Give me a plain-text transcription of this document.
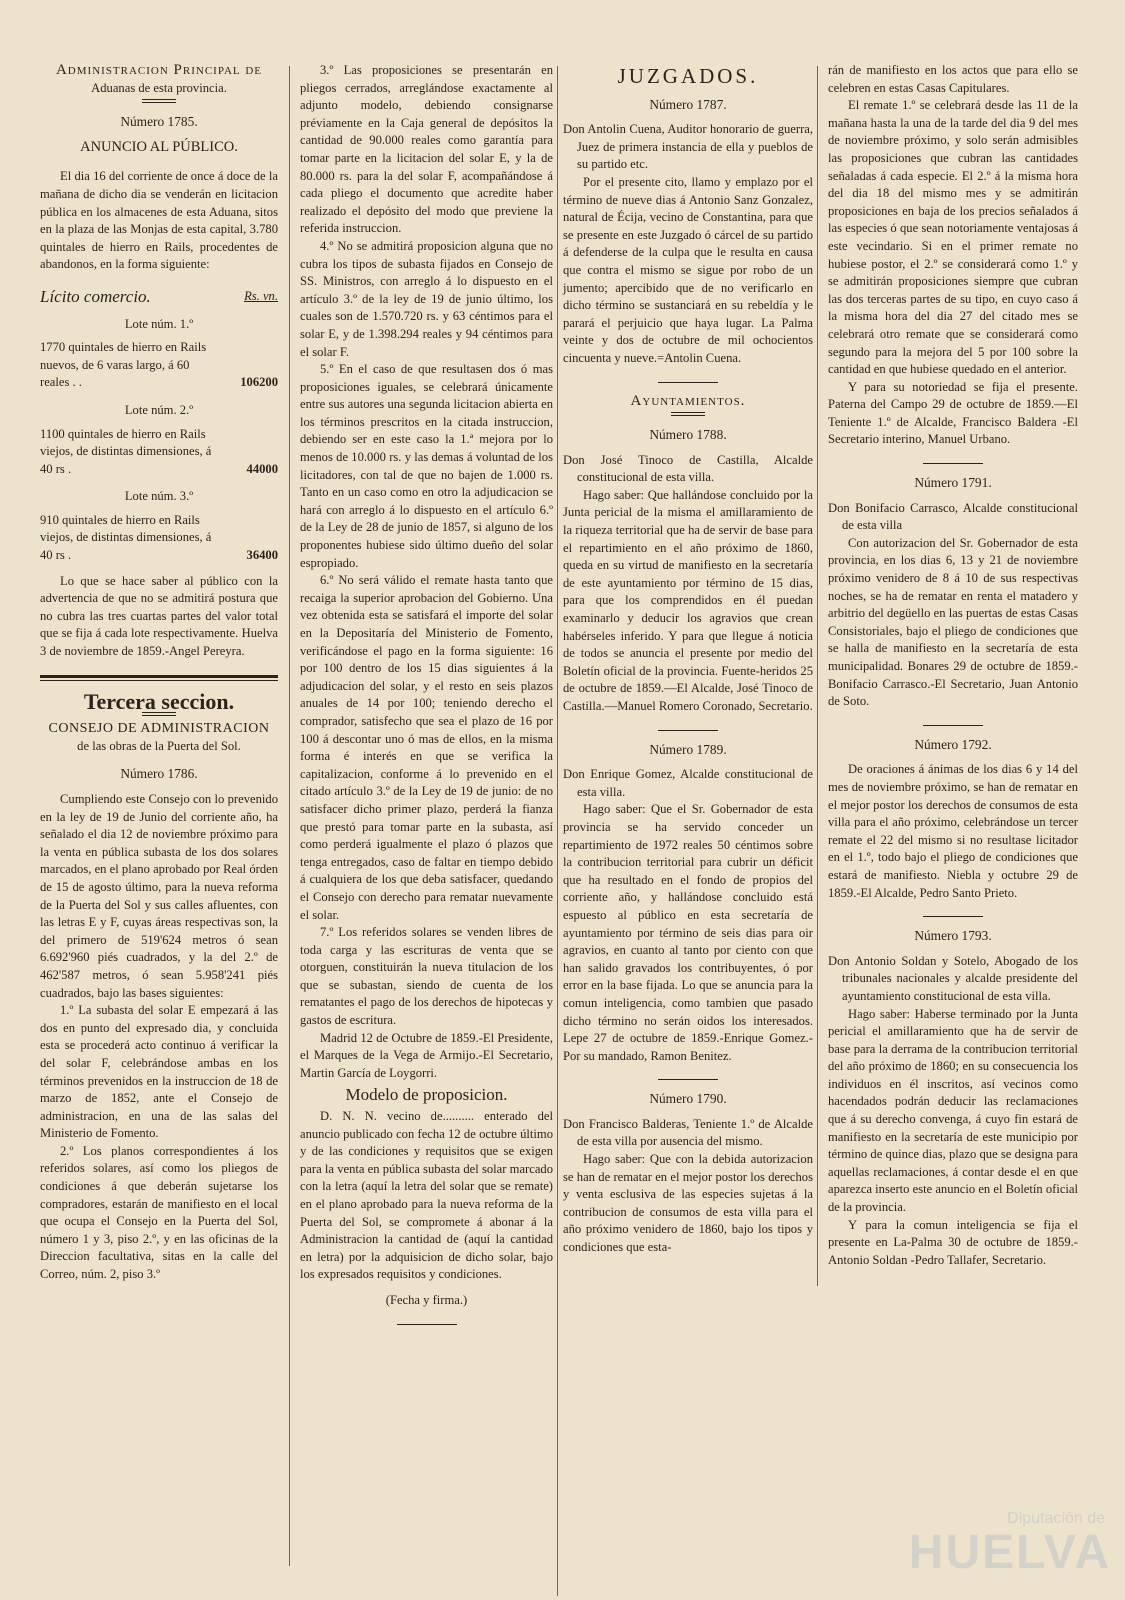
Administracion Principal de
Aduanas de esta provincia.
Número 1785.
ANUNCIO AL PÚBLICO.

El dia 16 del corriente de once á doce de la mañana de dicho dia se venderán en licitacion pública en los almacenes de esta Aduana, sitos en la plaza de las Monjas de esta capital, 3.780 quintales de hierro en Rails, procedentes de abandonos, en la forma siguiente:

Lícito comercio.	Rs. vn.
Lote núm. 1.º

1770 quintales de hierro en Rails nuevos, de 6 varas largo, á 60 reales . .	106200
Lote núm. 2.º

1100 quintales de hierro en Rails viejos, de distintas dimensiones, á 40 rs .	44000
Lote núm. 3.º

910 quintales de hierro en Rails viejos, de distintas dimensiones, á 40 rs .	36400

Lo que se hace saber al público con la advertencia de que no se admitirá postura que no cubra las tres cuartas partes del valor total que se fija á cada lote respectivamente. Huelva 3 de noviembre de 1859.-Angel Pereyra.

Tercera seccion.
CONSEJO DE ADMINISTRACION
de las obras de la Puerta del Sol.
Número 1786.

Cumpliendo este Consejo con lo prevenido en la ley de 19 de Junio del corriente año, ha señalado el dia 12 de noviembre próximo para la venta en pública subasta de los dos solares marcados, en el plano aprobado por Real órden de 15 de agosto último, para la nueva reforma de la Puerta del Sol y sus calles afluentes, con las letras E y F, cuyas áreas respectivas son, la del primero de 519'624 metros ó sean 6.692'960 piés cuadrados, y la del 2.º de 462'587 metros, ó sean 5.958'241 piés cuadrados, bajo las bases siguientes:

1.º La subasta del solar E empezará á las dos en punto del expresado dia, y concluida esta se procederá acto continuo á verificar la del solar F, celebrándose ambas en los términos prevenidos en la instruccion de 18 de marzo de 1852, ante el Consejo de administracion, en una de las salas del Ministerio de Fomento.

2.º Los planos correspondientes á los referidos solares, así como los pliegos de condiciones á que deberán sujetarse los compradores, estarán de manifiesto en el local que ocupa el Consejo en la Puerta del Sol, número 1 y 3, piso 2.º, y en las oficinas de la Direccion facultativa, sitas en la calle del Correo, núm. 2, piso 3.º

3.º Las proposiciones se presentarán en pliegos cerrados, arreglándose exactamente al adjunto modelo, debiendo consignarse préviamente en la Caja general de depósitos la cantidad de 90.000 reales como garantía para tomar parte en la licitacion del solar E, y la de 80.000 rs. para la del solar F, acompañándose á cada pliego el documento que acredite haber realizado el depósito del modo que previene la referida instruccion.

4.º No se admitirá proposicion alguna que no cubra los tipos de subasta fijados en Consejo de SS. Ministros, con arreglo á lo dispuesto en el artículo 3.º de la ley de 19 de junio último, los cuales son de 1.570.720 rs. y 63 céntimos para el solar E, y de 1.398.294 reales y 94 céntimos para el solar F.

5.º En el caso de que resultasen dos ó mas proposiciones iguales, se celebrará únicamente entre sus autores una segunda licitacion abierta en los términos prescritos en la citada instruccion, debiendo ser en este caso la 1.ª mejora por lo menos de 10.000 rs. y las demas á voluntad de los licitadores, con tal de que no bajen de 1.000 rs. Tanto en un caso como en otro la adjudicacion se hará con arreglo á lo dispuesto en el artículo 6.º de la Ley de 28 de junio de 1857, si alguno de los proponentes hubiese sido último dueño del solar espropiado.

6.º No será válido el remate hasta tanto que recaiga la superior aprobacion del Gobierno. Una vez obtenida esta se satisfará el importe del solar en la Depositaría del Ministerio de Fomento, verificándose el pago en la forma siguiente: 16 por 100 dentro de los 15 dias siguientes á la adjudicacion del solar, y el resto en seis plazos anuales de 14 por 100; teniendo derecho el comprador, satisfecho que sea el plazo de 16 por 100 á descontar uno ó mas de ellos, en la misma forma é interés en que se verifica la capitalizacion, conforme á lo prevenido en el citado artículo 3.º de la Ley de 19 de junio: de no satisfacer dicho primer plazo, perderá la fianza que prestó para tomar parte en la subasta, así como perderá igualmente el plazo ó plazos que tenga entregados, caso de faltar en tiempo debido á cualquiera de los que deba satisfacer, quedando el Consejo con derecho para rematar nuevamente el solar.

7.º Los referidos solares se venden libres de toda carga y las escrituras de venta que se otorguen, constituirán la nueva titulacion de los que se subastan, siendo de cuenta de los rematantes el pago de los derechos de hipotecas y gastos de escritura.

Madrid 12 de Octubre de 1859.-El Presidente, el Marques de la Vega de Armijo.-El Secretario, Martin García de Loygorri.

Modelo de proposicion.

D. N. N. vecino de.......... enterado del anuncio publicado con fecha 12 de octubre último y de las condiciones y requisitos que se exigen para la venta en pública subasta del solar marcado con la letra (aquí la letra del solar que se remate) en el plano aprobado para la nueva reforma de la Puerta del Sol, se compromete á abonar á la Administracion la cantidad de (aquí la cantidad en letra) por la adquisicion de dicho solar, bajo los expresados requisitos y condiciones.

(Fecha y firma.)
JUZGADOS.
Número 1787.

Don Antolin Cuena, Auditor honorario de guerra, Juez de primera instancia de ella y pueblos de su partido etc.

Por el presente cito, llamo y emplazo por el término de nueve dias á Antonio Sanz Gonzalez, natural de Écija, vecino de Constantina, para que se presente en este Juzgado ó cárcel de su partido á defenderse de la culpa que le resulta en causa que contra el mismo se sigue por robo de un jumento; apercibido que de no verificarlo en dicho término se sustanciará en su rebeldía y le parará el perjuicio que haya lugar. La Palma veinte y dos de octubre de mil ochocientos cincuenta y nueve.=Antolin Cuena.

Ayuntamientos.
Número 1788.

Don José Tinoco de Castilla, Alcalde constitucional de esta villa.

Hago saber: Que hallándose concluido por la Junta pericial de la misma el amillaramiento de la riqueza territorial que ha de servir de base para el repartimiento en el año próximo de 1860, queda en su virtud de manifiesto en la secretaría de este ayuntamiento por término de 15 dias, para que los comprendidos en él puedan examinarlo y deducir los agravios que crean habérseles inferido. Y para que llegue á noticia de todos se anuncia el presente por medio del Boletín oficial de la provincia. Fuente-heridos 25 de octubre de 1859.—El Alcalde, José Tinoco de Castilla.—Manuel Romero Coronado, Secretario.

Número 1789.

Don Enrique Gomez, Alcalde constitucional de esta villa.

Hago saber: Que el Sr. Gobernador de esta provincia se ha servido conceder un repartimiento de 1972 reales 50 céntimos sobre la contribucion territorial para cubrir un déficit que ha resultado en el fondo de propios del corriente año, y hallándose concluido está espuesto al público en esta secretaría de ayuntamiento por término de seis dias para oir agravios, en cuanto al tanto por ciento con que han salido gravados los contribuyentes, ó por error en la base fijada. Lo que se anuncia para la comun inteligencia, como tambien que pasado dicho término no serán oidos los interesados. Lepe 27 de octubre de 1859.-Enrique Gomez.-Por su mandado, Ramon Benitez.

Número 1790.

Don Francisco Balderas, Teniente 1.º de Alcalde de esta villa por ausencia del mismo.

Hago saber: Que con la debida autorizacion se han de rematar en el mejor postor los derechos y venta esclusiva de las especies sujetas á la contribucion de consumos de esta villa para el año próximo venidero de 1860, bajo los tipos y condiciones que esta-

rán de manifiesto en los actos que para ello se celebren en estas Casas Capitulares.

El remate 1.º se celebrará desde las 11 de la mañana hasta la una de la tarde del dia 9 del mes de noviembre próximo, y solo serán admisibles las proposiciones que cubran las cantidades señaladas á cada especie. El 2.º á la misma hora del dia 18 del mismo mes y se admitirán proposiciones en baja de los precios señalados á las especies ó que sean notoriamente ventajosas á este vecindario. Si en el primer remate no hubiese postor, el 2.º se considerará como 1.º y se admitirán proposiciones siempre que cubran las dos terceras partes de su tipo, en cuyo caso á la misma hora del dia 27 del citado mes se celebrará otro remate que se considerará como segundo para la mejora del 5 por 100 sobre la cantidad en que hubiese quedado en el anterior.

Y para su notoriedad se fija el presente. Paterna del Campo 29 de octubre de 1859.—El Teniente 1.º de Alcalde, Francisco Baldera -El Secretario interino, Manuel Urbano.

Número 1791.

Don Bonifacio Carrasco, Alcalde constitucional de esta villa

Con autorizacion del Sr. Gobernador de esta provincia, en los dias 6, 13 y 21 de noviembre próximo venidero de 8 á 10 de sus respectivas noches, se ha de rematar en renta el matadero y arbitrio del degüello en las puertas de estas Casas Consistoriales, bajo el pliego de condiciones que se halla de manifiesto en la secretaría de esta municipalidad. Bonares 29 de octubre de 1859.-Bonifacio Carrasco.-El Secretario, Juan Antonio de Soto.

Número 1792.

De oraciones á ánimas de los dias 6 y 14 del mes de noviembre próximo, se han de rematar en el mejor postor los derechos de consumos de esta villa para el año próximo, celebrándose un tercer remate el 22 del mismo si no resultase licitador en el 1.º, todo bajo el pliego de condiciones que estará de manifiesto. Niebla y octubre 29 de 1859.-El Alcalde, Pedro Santo Prieto.

Número 1793.

Don Antonio Soldan y Sotelo, Abogado de los tribunales nacionales y alcalde presidente del ayuntamiento constitucional de esta villa.

Hago saber: Haberse terminado por la Junta pericial el amillaramiento que ha de servir de base para la derrama de la contribucion territorial del año próximo de 1860; en su consecuencia los individuos en él inscritos, así vecinos como hacendados podrán deducir las reclamaciones que á su derecho convenga, á cuyo fin estará de manifiesto en la secretaría de este municipio por término de quince dias, plazo que se designa para aquellas reclamaciones, á contar desde el en que aparezca inserto este anuncio en el Boletín oficial de la provincia.

Y para la comun inteligencia se fija el presente en La-Palma 30 de octubre de 1859.-Antonio Soldan -Pedro Tallafer, Secretario.

Diputación de
HUELVA
